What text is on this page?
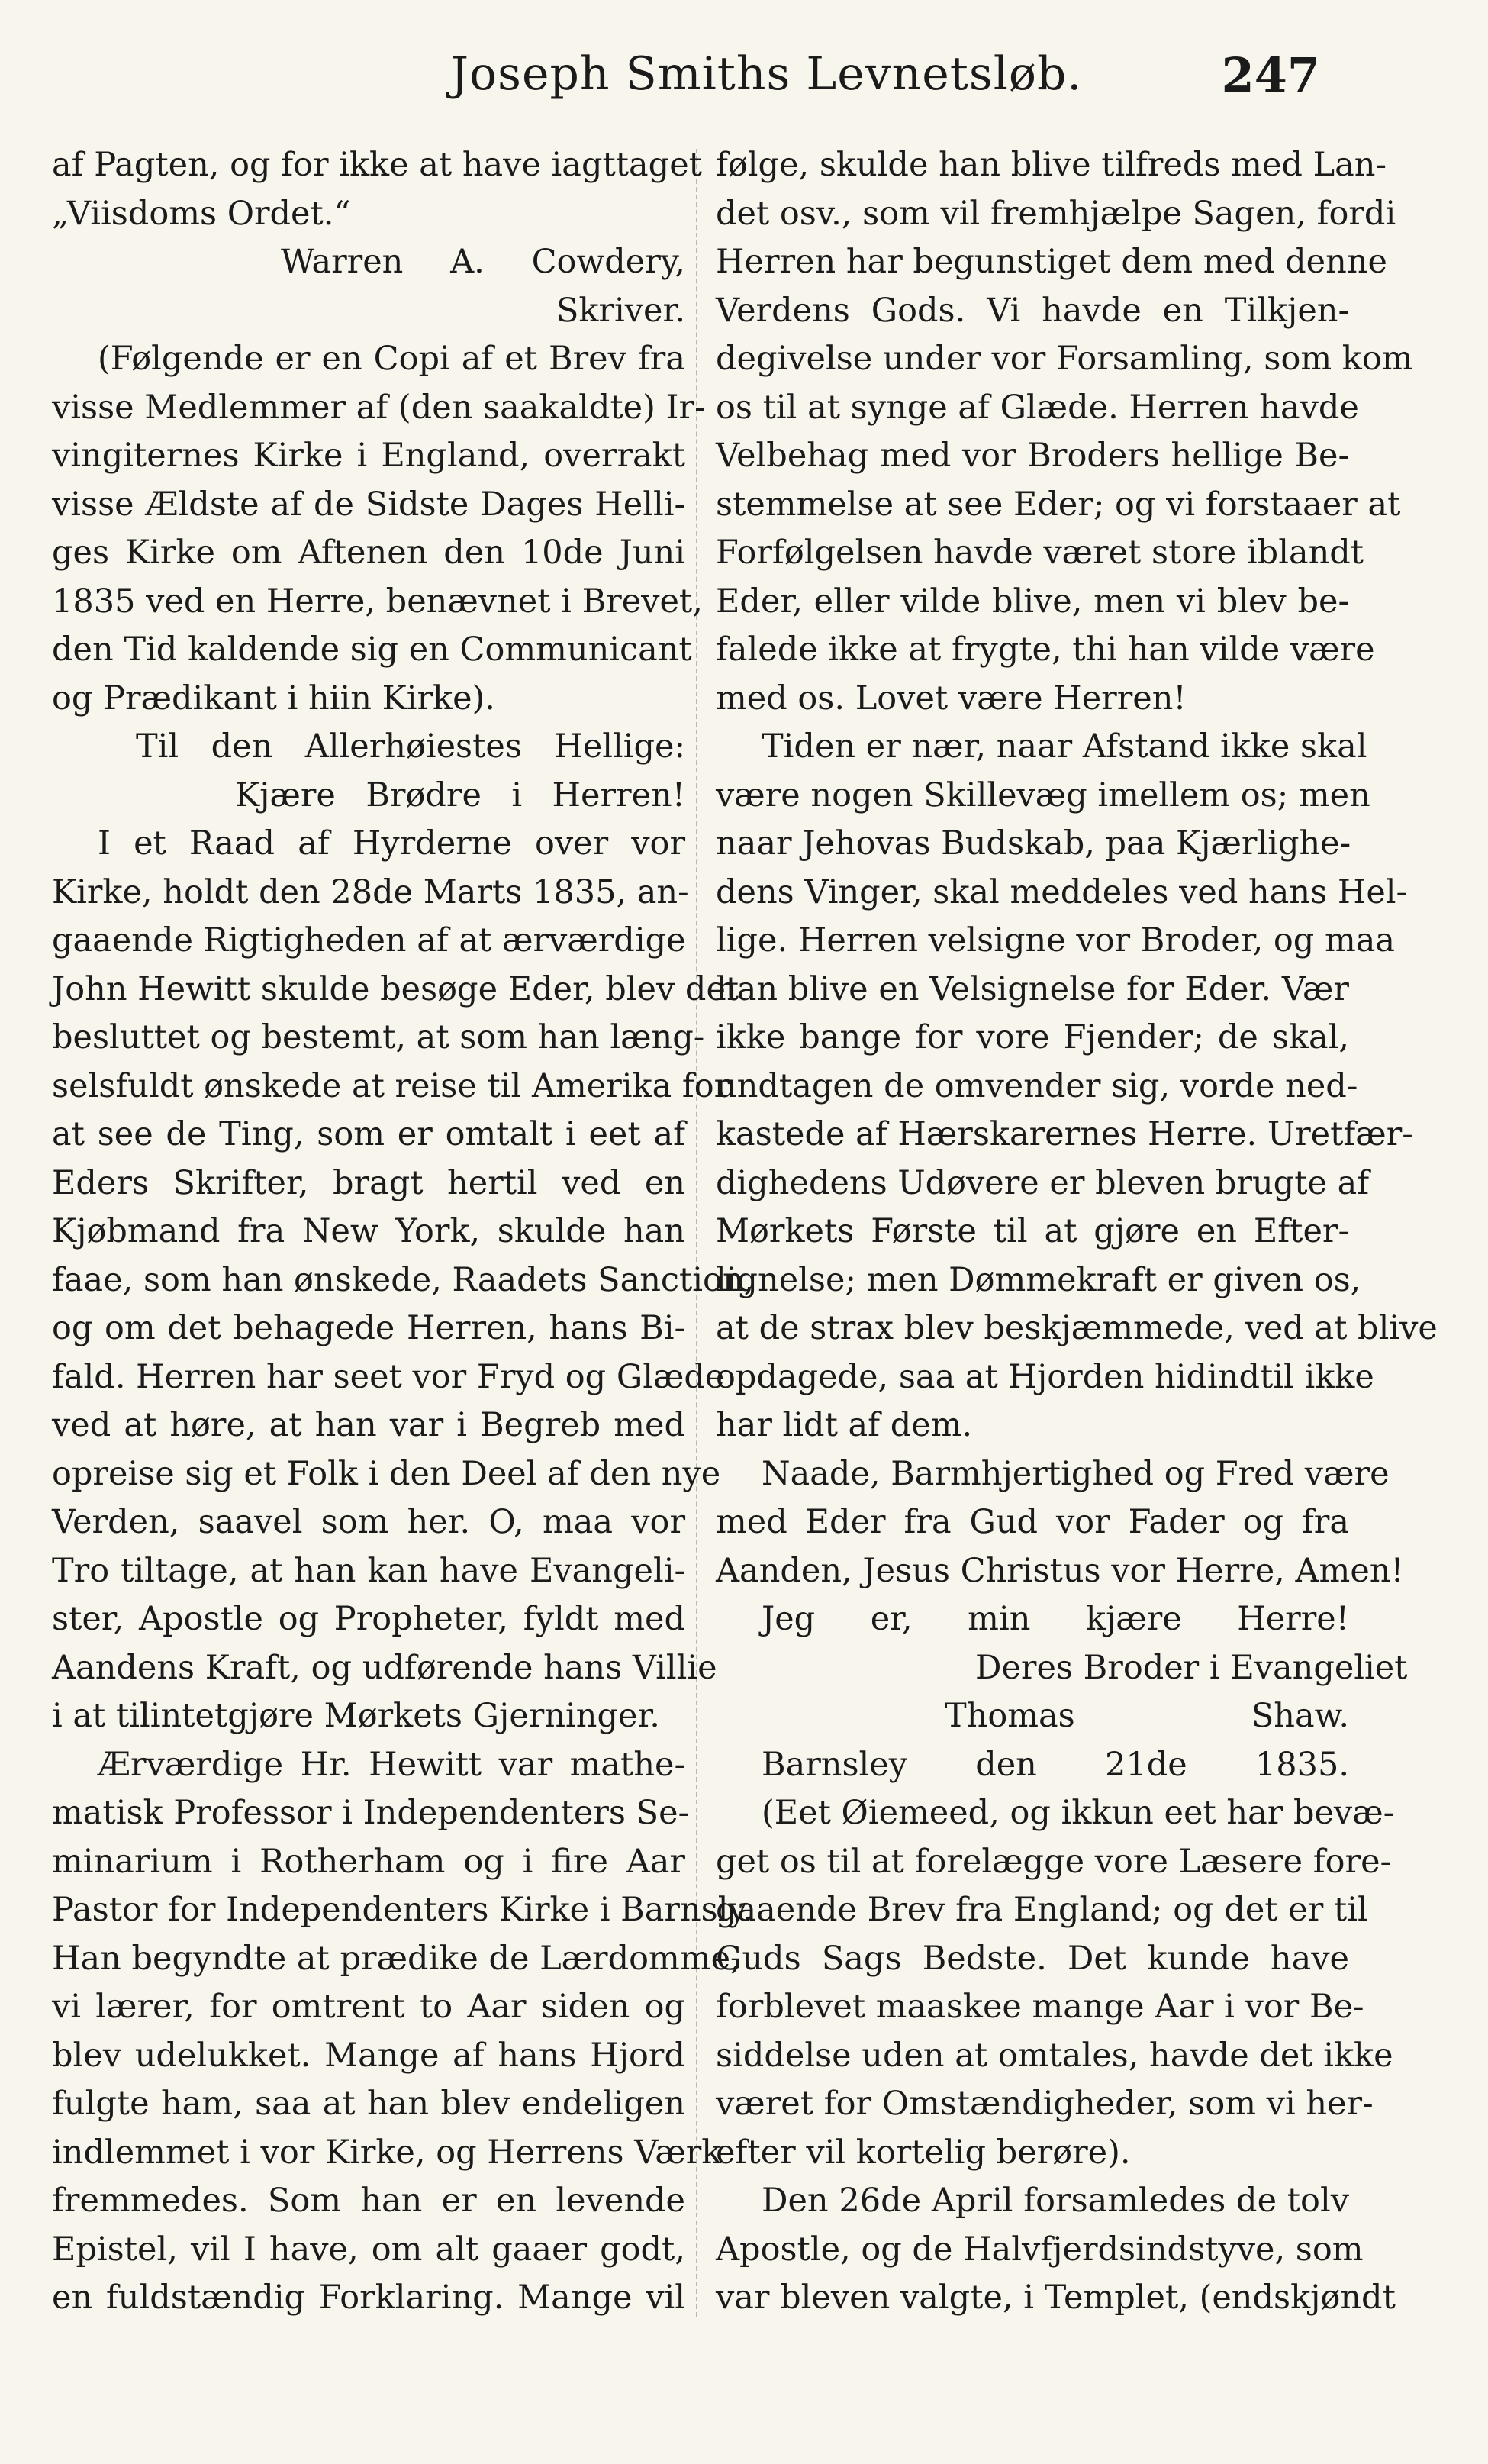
Joseph Smiths Levnetsløb.	247
af Pagten, og for ikke at have iagttaget
„Viisdoms Ordet.“
Warren A. Cowdery,
Skriver.
(Følgende er en Copi af et Brev fra
visse Medlemmer af (den saakaldte) Ir-
vingiternes Kirke i England, overrakt
visse Ældste af de Sidste Dages Helli-
ges Kirke om Aftenen den 10de Juni
1835 ved en Herre, benævnet i Brevet,
den Tid kaldende sig en Communicant
og Prædikant i hiin Kirke).
Til den Allerhøiestes Hellige:
Kjære Brødre i Herren!
I et Raad af Hyrderne over vor
Kirke, holdt den 28de Marts 1835, an-
gaaende Rigtigheden af at ærværdige
John Hewitt skulde besøge Eder, blev det
besluttet og bestemt, at som han læng-
selsfuldt ønskede at reise til Amerika for
at see de Ting, som er omtalt i eet af
Eders Skrifter, bragt hertil ved en
Kjøbmand fra New York, skulde han
faae, som han ønskede, Raadets Sanction,
og om det behagede Herren, hans Bi-
fald. Herren har seet vor Fryd og Glæde
ved at høre, at han var i Begreb med
opreise sig et Folk i den Deel af den nye
Verden, saavel som her. O, maa vor
Tro tiltage, at han kan have Evangeli-
ster, Apostle og Propheter, fyldt med
Aandens Kraft, og udførende hans Villie
i at tilintetgjøre Mørkets Gjerninger.
Ærværdige Hr. Hewitt var mathe-
matisk Professor i Independenters Se-
minarium i Rotherham og i fire Aar
Pastor for Independenters Kirke i Barnsly.
Han begyndte at prædike de Lærdomme,
vi lærer, for omtrent to Aar siden og
blev udelukket. Mange af hans Hjord
fulgte ham, saa at han blev endeligen
indlemmet i vor Kirke, og Herrens Værk
fremmedes. Som han er en levende
Epistel, vil I have, om alt gaaer godt,
en fuldstændig Forklaring. Mange vil
følge, skulde han blive tilfreds med Lan-
det osv., som vil fremhjælpe Sagen, fordi
Herren har begunstiget dem med denne
Verdens Gods. Vi havde en Tilkjen-
degivelse under vor Forsamling, som kom
os til at synge af Glæde. Herren havde
Velbehag med vor Broders hellige Be-
stemmelse at see Eder; og vi forstaaer at
Forfølgelsen havde været store iblandt
Eder, eller vilde blive, men vi blev be-
falede ikke at frygte, thi han vilde være
med os. Lovet være Herren!
Tiden er nær, naar Afstand ikke skal
være nogen Skillevæg imellem os; men
naar Jehovas Budskab, paa Kjærlighe-
dens Vinger, skal meddeles ved hans Hel-
lige. Herren velsigne vor Broder, og maa
han blive en Velsignelse for Eder. Vær
ikke bange for vore Fjender; de skal,
undtagen de omvender sig, vorde ned-
kastede af Hærskarernes Herre. Uretfær-
dighedens Udøvere er bleven brugte af
Mørkets Første til at gjøre en Efter-
lignelse; men Dømmekraft er given os,
at de strax blev beskjæmmede, ved at blive
opdagede, saa at Hjorden hidindtil ikke
har lidt af dem.
Naade, Barmhjertighed og Fred være
med Eder fra Gud vor Fader og fra
Aanden, Jesus Christus vor Herre, Amen!
Jeg er, min kjære Herre!
Deres Broder i Evangeliet
Thomas Shaw.
Barnsley den 21de 1835.
(Eet Øiemeed, og ikkun eet har bevæ-
get os til at forelægge vore Læsere fore-
gaaende Brev fra England; og det er til
Guds Sags Bedste. Det kunde have
forblevet maaskee mange Aar i vor Be-
siddelse uden at omtales, havde det ikke
været for Omstændigheder, som vi her-
efter vil kortelig berøre).
Den 26de April forsamledes de tolv
Apostle, og de Halvfjerdsindstyve, som
var bleven valgte, i Templet, (endskjøndt
